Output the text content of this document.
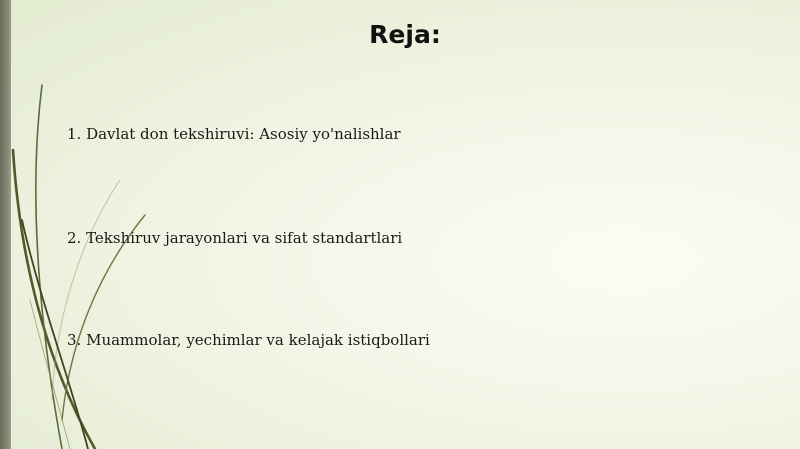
Reja:

1. Davlat don tekshiruvi: Asosiy yo'nalishlar

2. Tekshiruv jarayonlari va sifat standartlari

3. Muammolar, yechimlar va kelajak istiqbollari
